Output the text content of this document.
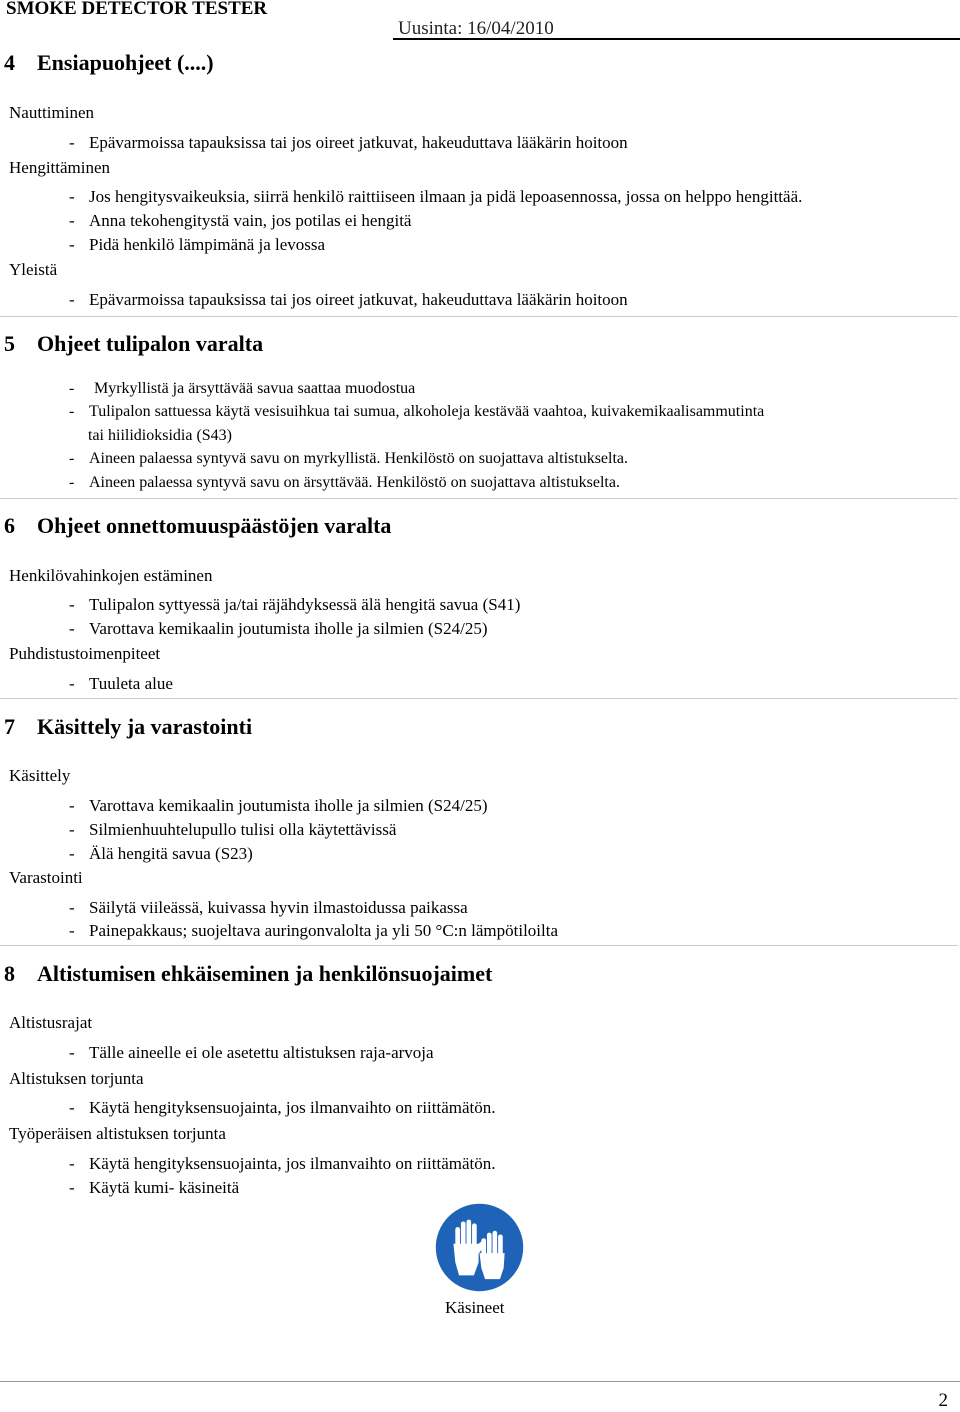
SMOKE DETECTOR TESTER
Uusinta: 16/04/2010
4 Ensiapuohjeet (....)
Nauttiminen
- Epävarmoissa tapauksissa tai jos oireet jatkuvat, hakeuduttava lääkärin hoitoon
Hengittäminen
- Jos hengitysvaikeuksia, siirrä henkilö raittiiseen ilmaan ja pidä lepoasennossa, jossa on helppo hengittää.
- Anna tekohengitystä vain, jos potilas ei hengitä
- Pidä henkilö lämpimänä ja levossa
Yleistä
- Epävarmoissa tapauksissa tai jos oireet jatkuvat, hakeuduttava lääkärin hoitoon
5 Ohjeet tulipalon varalta
- Myrkyllistä ja ärsyttävää savua saattaa muodostua
- Tulipalon sattuessa käytä vesisuihkua tai sumua, alkoholeja kestävää vaahtoa, kuivakemikaalisammutinta
tai hiilidioksidia (S43)
- Aineen palaessa syntyvä savu on myrkyllistä. Henkilöstö on suojattava altistukselta.
- Aineen palaessa syntyvä savu on ärsyttävää. Henkilöstö on suojattava altistukselta.
6 Ohjeet onnettomuuspäästöjen varalta
Henkilövahinkojen estäminen
- Tulipalon syttyessä ja/tai räjähdyksessä älä hengitä savua (S41)
- Varottava kemikaalin joutumista iholle ja silmien (S24/25)
Puhdistustoimenpiteet
- Tuuleta alue
7 Käsittely ja varastointi
Käsittely
- Varottava kemikaalin joutumista iholle ja silmien (S24/25)
- Silmienhuuhtelupullo tulisi olla käytettävissä
- Älä hengitä savua (S23)
Varastointi
- Säilytä viileässä, kuivassa hyvin ilmastoidussa paikassa
- Painepakkaus; suojeltava auringonvalolta ja yli 50 °C:n lämpötiloilta
8 Altistumisen ehkäiseminen ja henkilönsuojaimet
Altistusrajat
- Tälle aineelle ei ole asetettu altistuksen raja-arvoja
Altistuksen torjunta
- Käytä hengityksensuojainta, jos ilmanvaihto on riittämätön.
Työperäisen altistuksen torjunta
- Käytä hengityksensuojainta, jos ilmanvaihto on riittämätön.
- Käytä kumi- käsineitä
Käsineet
2
